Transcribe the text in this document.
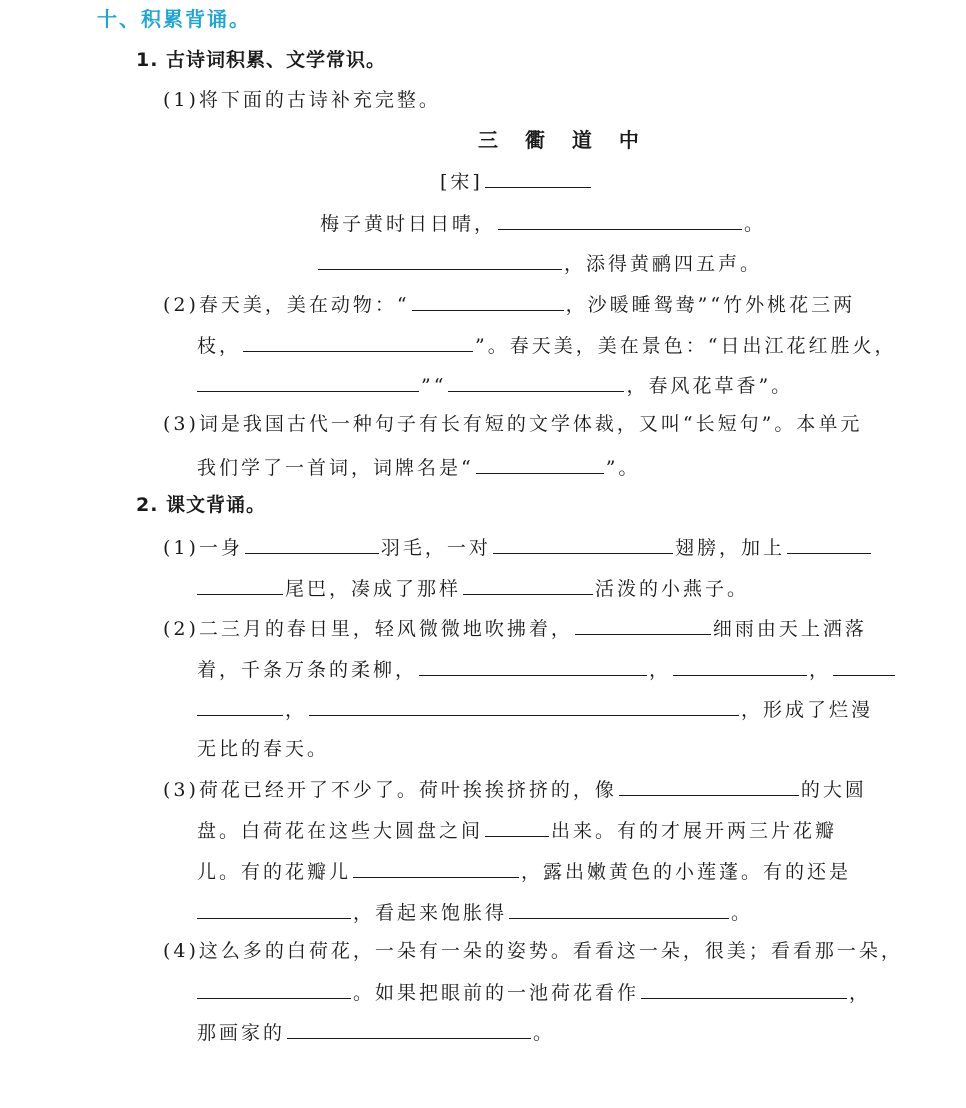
十、积累背诵。
1. 古诗词积累、文学常识。
(1)将下面的古诗补充完整。
三 衢 道 中
[宋]
梅子黄时日日晴，	。
，添得黄鹂四五声。
(2)春天美，美在动物：“	，沙暖睡鸳鸯”“竹外桃花三两
枝，	”。春天美，美在景色：“日出江花红胜火，
”“	，春风花草香”。
(3)词是我国古代一种句子有长有短的文学体裁，又叫“长短句”。本单元
我们学了一首词，词牌名是“	”。
2. 课文背诵。
(1)一身	羽毛，一对	翅膀，加上
尾巴，凑成了那样	活泼的小燕子。
(2)二三月的春日里，轻风微微地吹拂着，	细雨由天上洒落
着，千条万条的柔柳，	，	，
，	，形成了烂漫
无比的春天。
(3)荷花已经开了不少了。荷叶挨挨挤挤的，像	的大圆
盘。白荷花在这些大圆盘之间	出来。有的才展开两三片花瓣
儿。有的花瓣儿	，露出嫩黄色的小莲蓬。有的还是
，看起来饱胀得	。
(4)这么多的白荷花，一朵有一朵的姿势。看看这一朵，很美；看看那一朵，
。如果把眼前的一池荷花看作	，
那画家的	。
